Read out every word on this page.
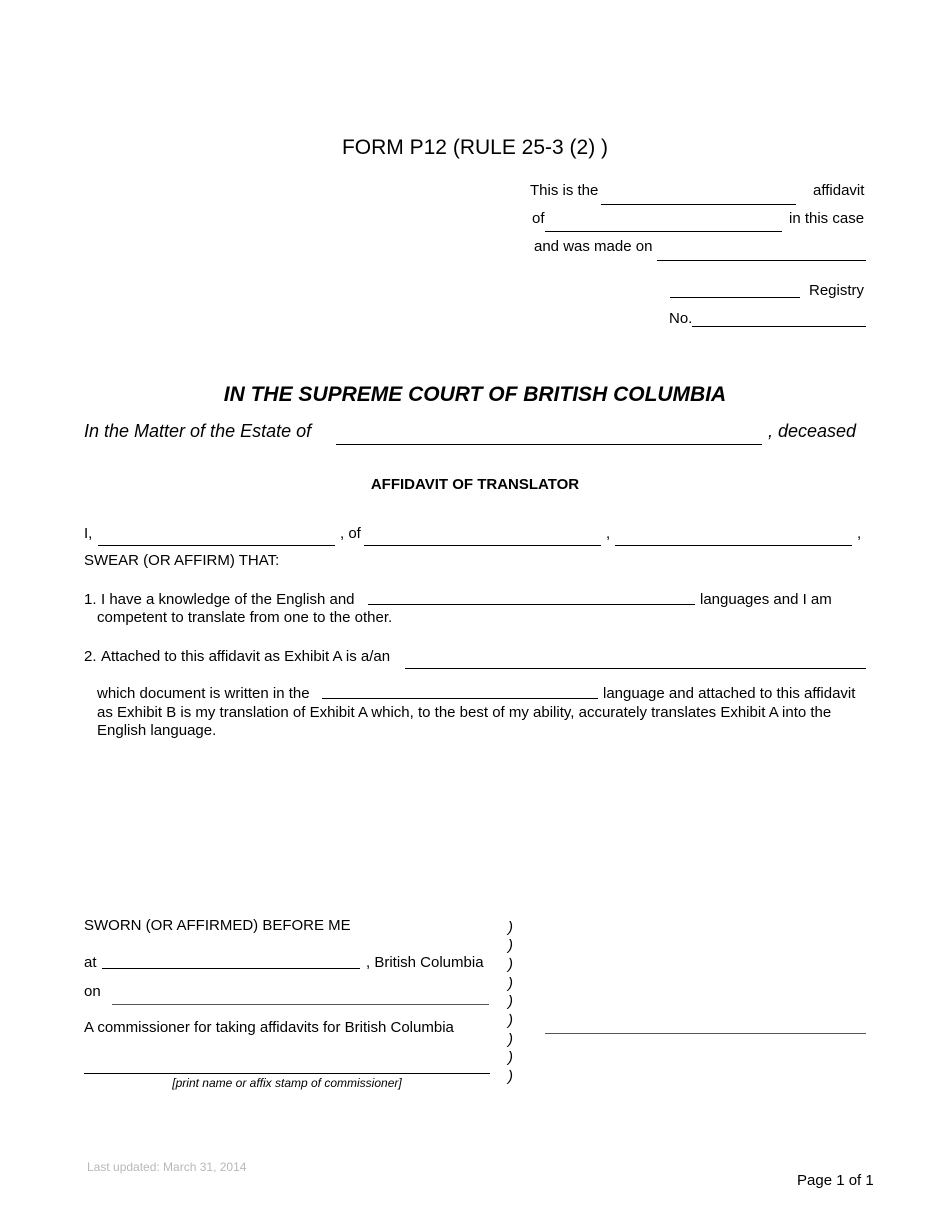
FORM P12 (RULE 25-3 (2) )
This is the	affidavit
of	in this case
and was made on
Registry
No.
IN THE SUPREME COURT OF BRITISH COLUMBIA
In the Matter of the Estate of	, deceased
AFFIDAVIT OF TRANSLATOR
I,	, of	,	,
SWEAR (OR AFFIRM) THAT:
1. I have a knowledge of the English and	languages and I am
competent to translate from one to the other.
2. Attached to this affidavit as Exhibit A is a/an
which document is written in the	language and attached to this affidavit
as Exhibit B is my translation of Exhibit A which, to the best of my ability, accurately translates Exhibit A into the
English language.
SWORN (OR AFFIRMED) BEFORE ME
at	, British Columbia
on
A commissioner for taking affidavits for British Columbia
[print name or affix stamp of commissioner]
)
)
)
)
)
)
)
)
)
Last updated: March 31, 2014
Page 1 of 1
